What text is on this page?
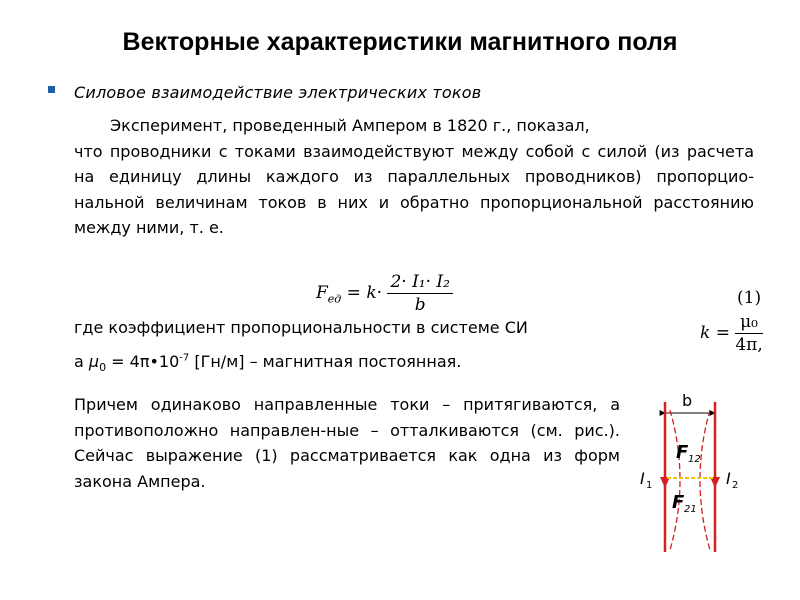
Векторные характеристики магнитного поля
Силовое взаимодействие электрических токов
Эксперимент, проведенный Ампером в 1820 г., показал,
что проводники с токами взаимодействуют между собой с силой (из расчета на единицу длины каждого из параллельных проводников) пропорцио-нальной величинам токов в них и обратно пропорциональной расстоянию между ними, т. е.
$F_{ед} = k\cdot \frac{\text{2· I₁· I₂}}{b}$	(1)
где коэффициент пропорциональности в системе СИ	$k = \frac{\text{μ₀}}{4\pi,}$
а $\mu_0$ = $4\pi•10^{-7}$ [Гн/м] – магнитная постоянная.
Причем одинаково направленные токи – притягиваются, а противоположно направлен-ные – отталкиваются (см. рис.). Сейчас выражение (1) рассматривается как одна из форм закона Ампера.
b
I 1	I 2
F 12
F 21
